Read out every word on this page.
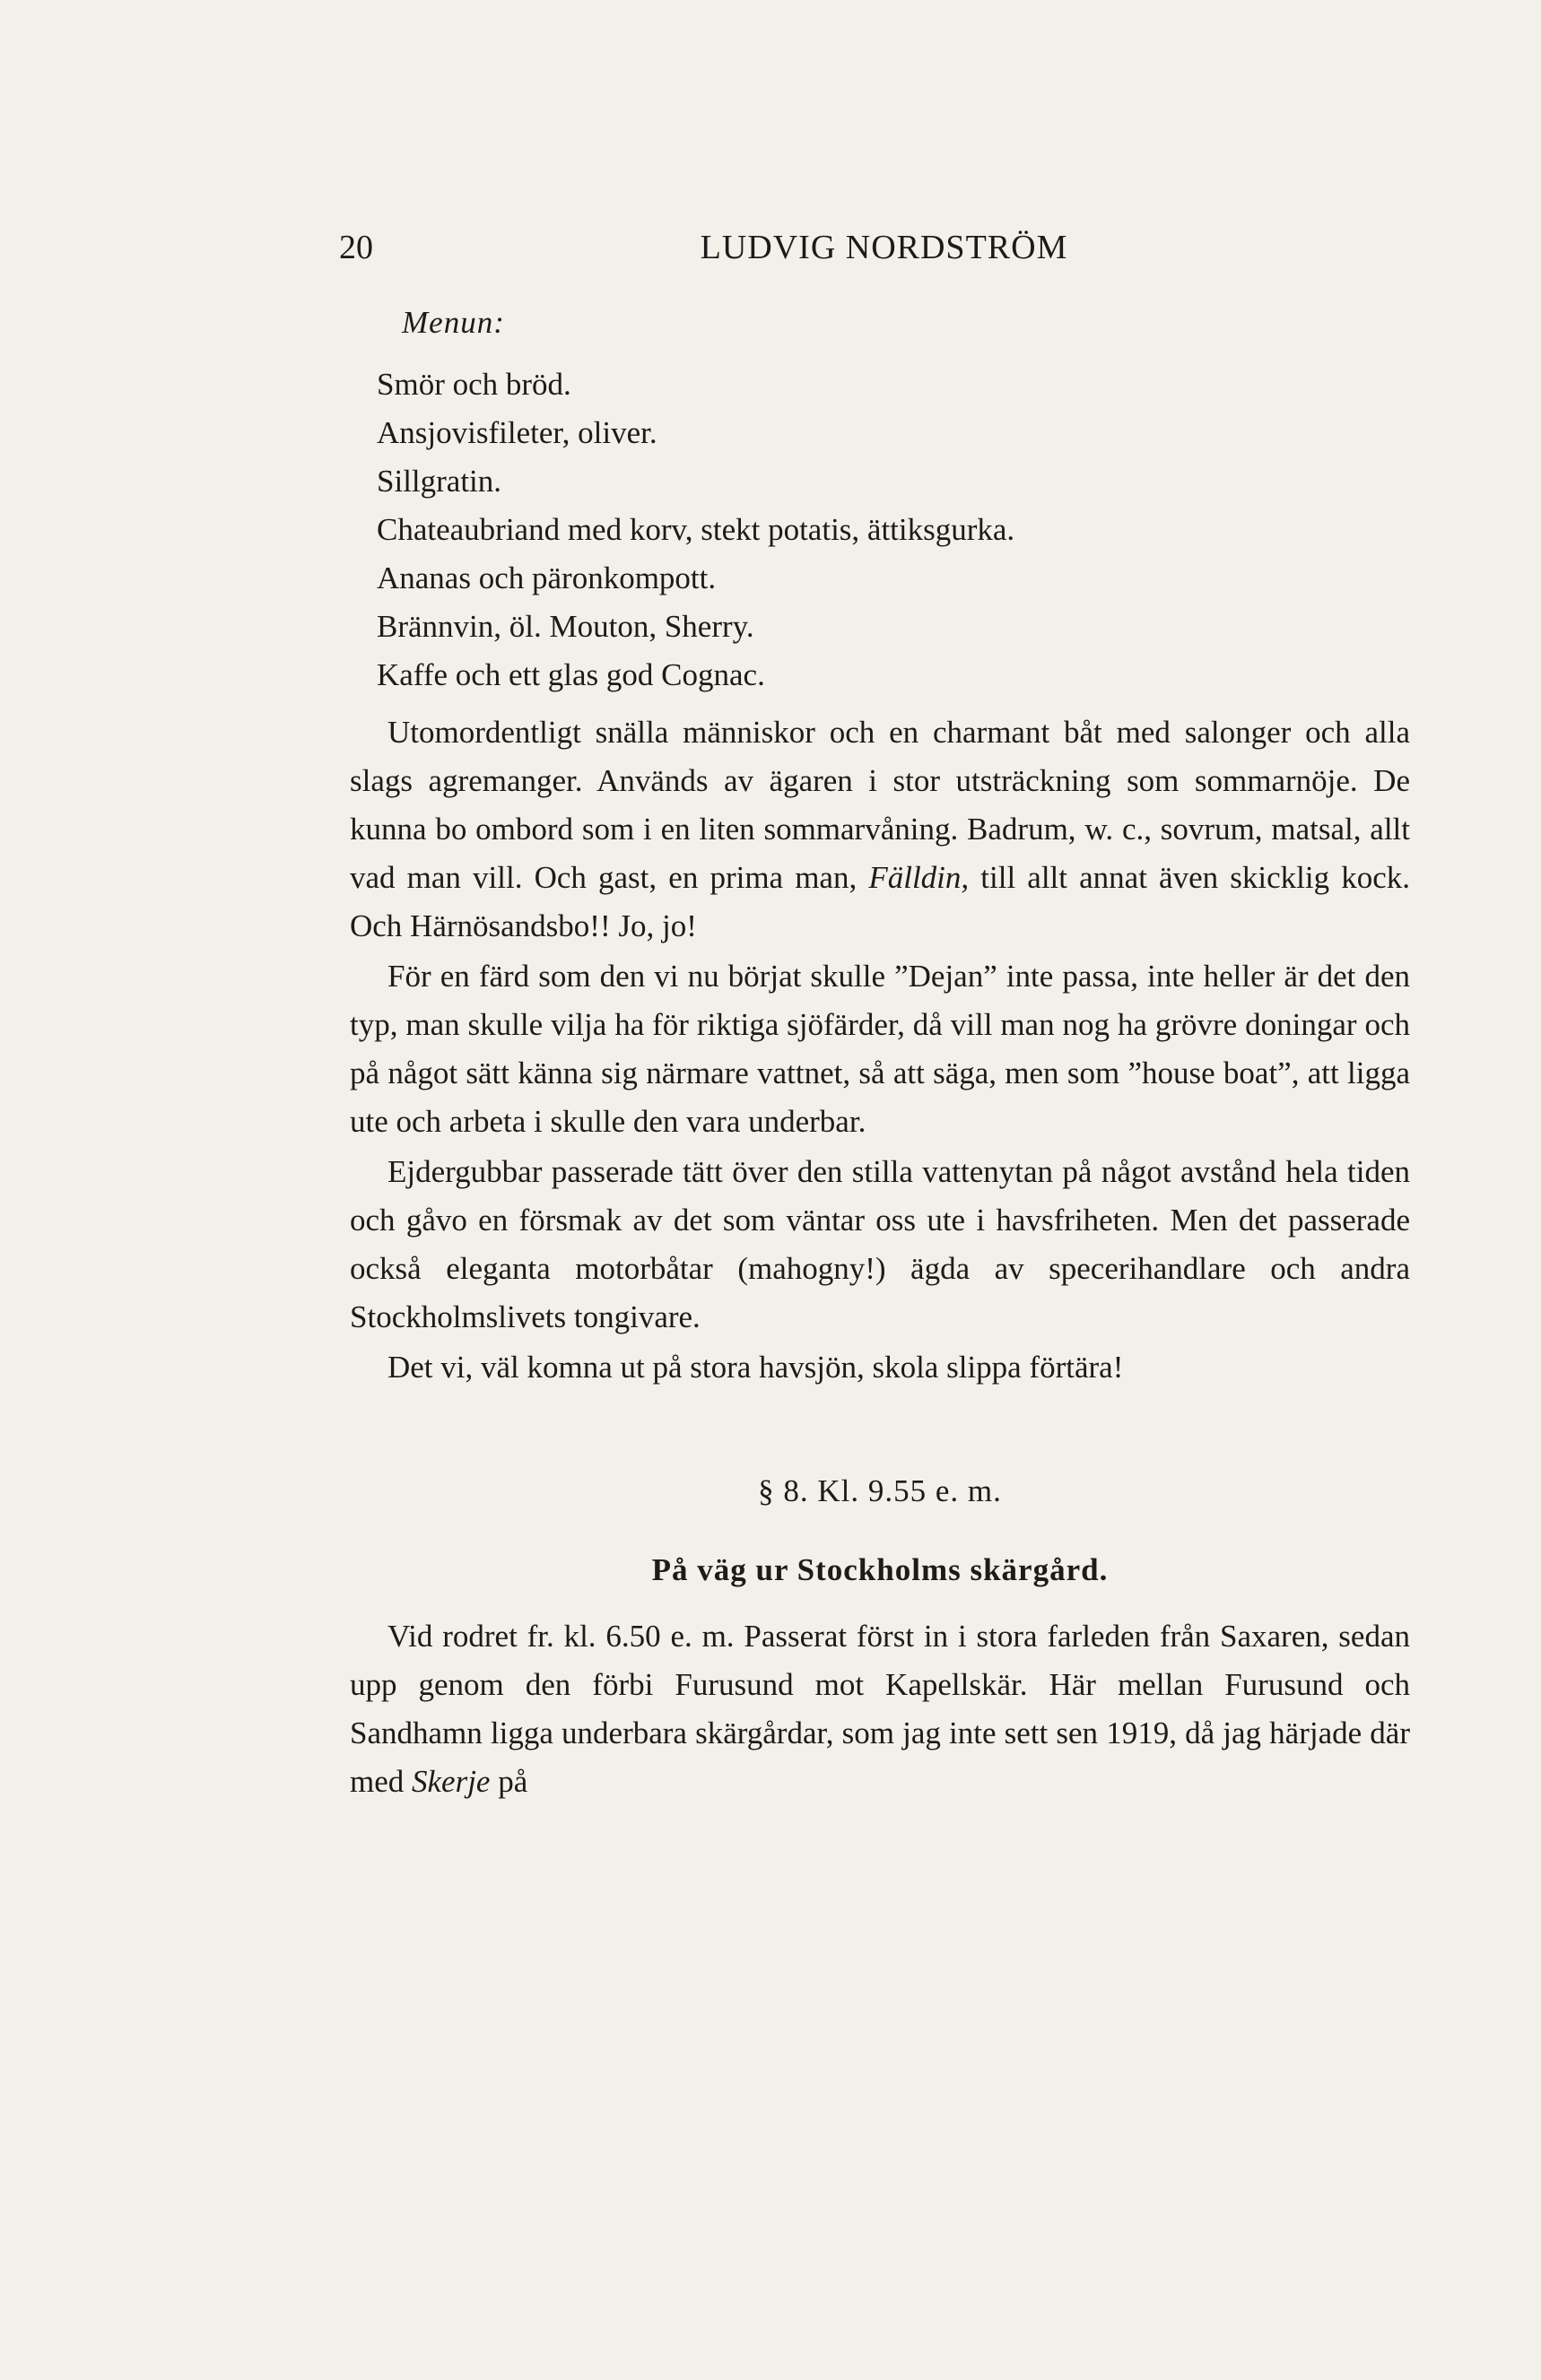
20	LUDVIG NORDSTRÖM
Menun:
Smör och bröd.
Ansjovisfileter, oliver.
Sillgratin.
Chateaubriand med korv, stekt potatis, ättiksgurka.
Ananas och päronkompott.
Brännvin, öl. Mouton, Sherry.
Kaffe och ett glas god Cognac.

Utomordentligt snälla människor och en charmant båt med salonger och alla slags agremanger. Används av ägaren i stor utsträckning som sommarnöje. De kunna bo ombord som i en liten sommarvåning. Badrum, w. c., sovrum, matsal, allt vad man vill. Och gast, en prima man, Fälldin, till allt annat även skicklig kock. Och Härnösandsbo!! Jo, jo!

För en färd som den vi nu börjat skulle ”Dejan” inte passa, inte heller är det den typ, man skulle vilja ha för riktiga sjöfärder, då vill man nog ha grövre doningar och på något sätt känna sig närmare vattnet, så att säga, men som ”house boat”, att ligga ute och arbeta i skulle den vara underbar.

Ejdergubbar passerade tätt över den stilla vattenytan på något avstånd hela tiden och gåvo en försmak av det som väntar oss ute i havsfriheten. Men det passerade också eleganta motorbåtar (mahogny!) ägda av specerihandlare och andra Stockholmslivets tongivare.

Det vi, väl komna ut på stora havsjön, skola slippa förtära!

§ 8. Kl. 9.55 e. m.

På väg ur Stockholms skärgård.

Vid rodret fr. kl. 6.50 e. m. Passerat först in i stora farleden från Saxaren, sedan upp genom den förbi Furusund mot Kapellskär. Här mellan Furusund och Sandhamn ligga underbara skärgårdar, som jag inte sett sen 1919, då jag härjade där med Skerje på
